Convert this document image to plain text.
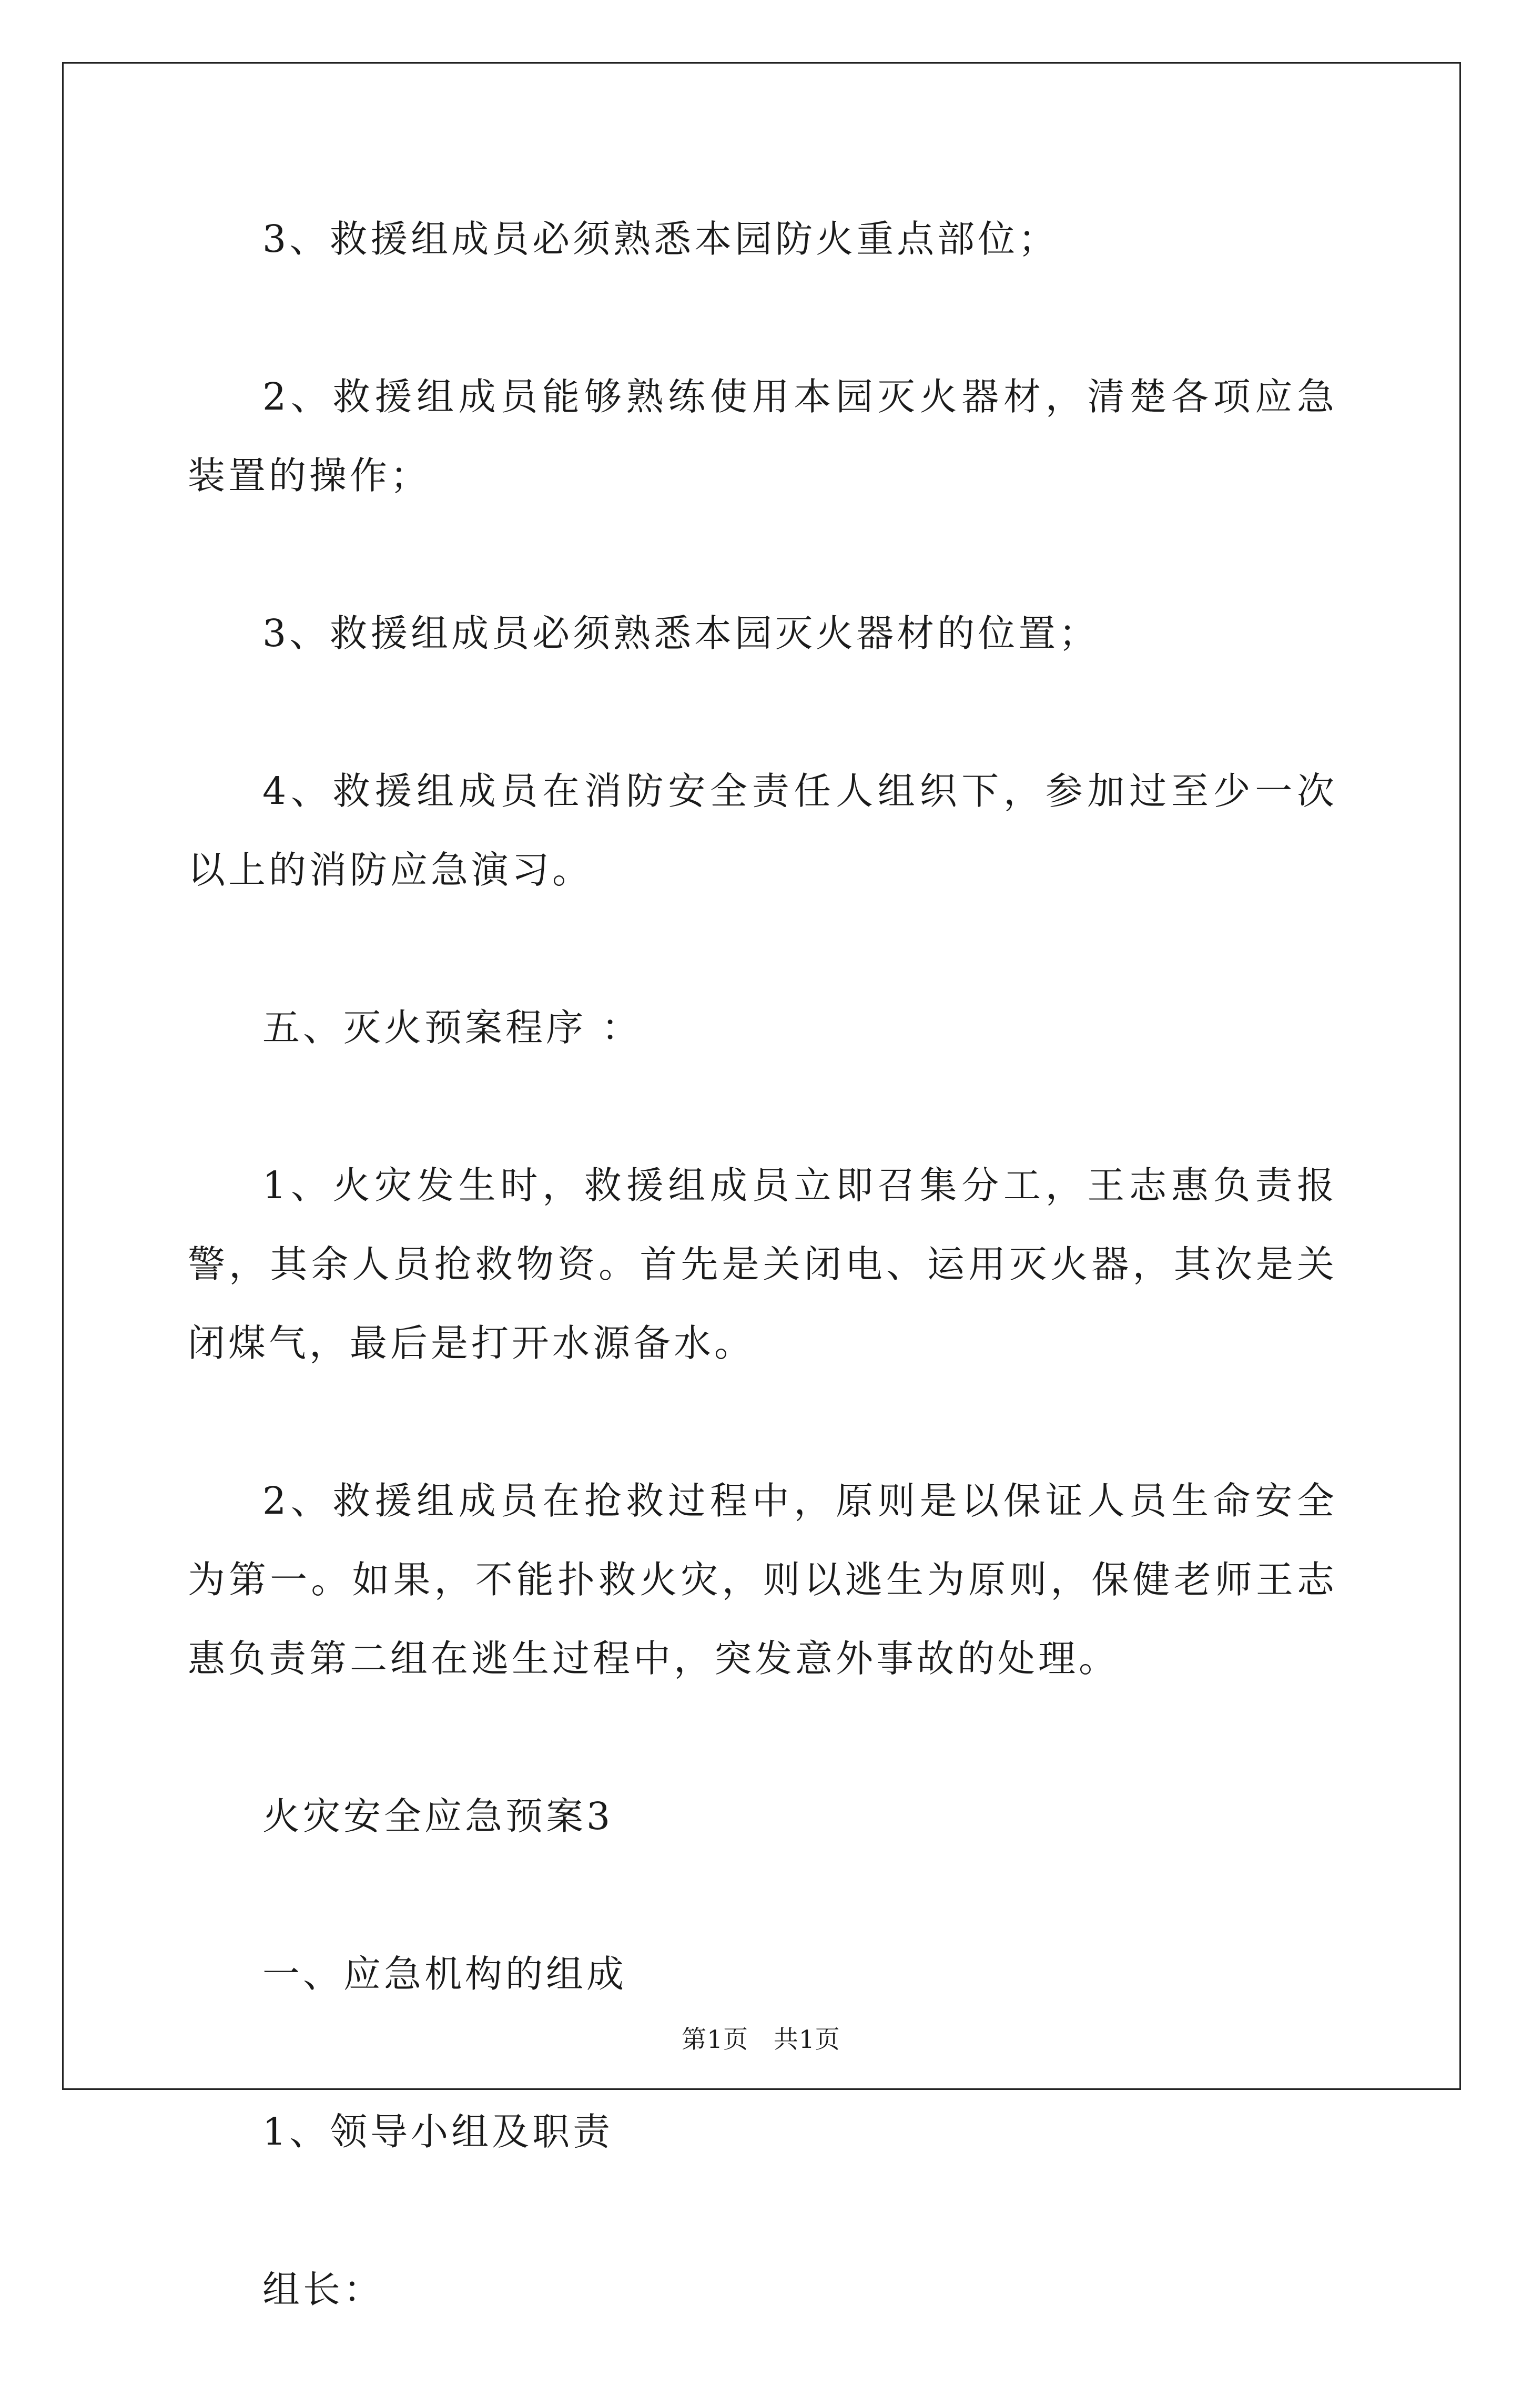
3、救援组成员必须熟悉本园防火重点部位；

2、救援组成员能够熟练使用本园灭火器材，清楚各项应急装置的操作；

3、救援组成员必须熟悉本园灭火器材的位置；

4、救援组成员在消防安全责任人组织下，参加过至少一次以上的消防应急演习。

五、灭火预案程序 ：

1、火灾发生时，救援组成员立即召集分工，王志惠负责报警，其余人员抢救物资。首先是关闭电、运用灭火器，其次是关闭煤气，最后是打开水源备水。

2、救援组成员在抢救过程中，原则是以保证人员生命安全为第一。如果，不能扑救火灾，则以逃生为原则，保健老师王志惠负责第二组在逃生过程中，突发意外事故的处理。

火灾安全应急预案3

一、应急机构的组成

1、领导小组及职责

组长：

第1页   共1页
